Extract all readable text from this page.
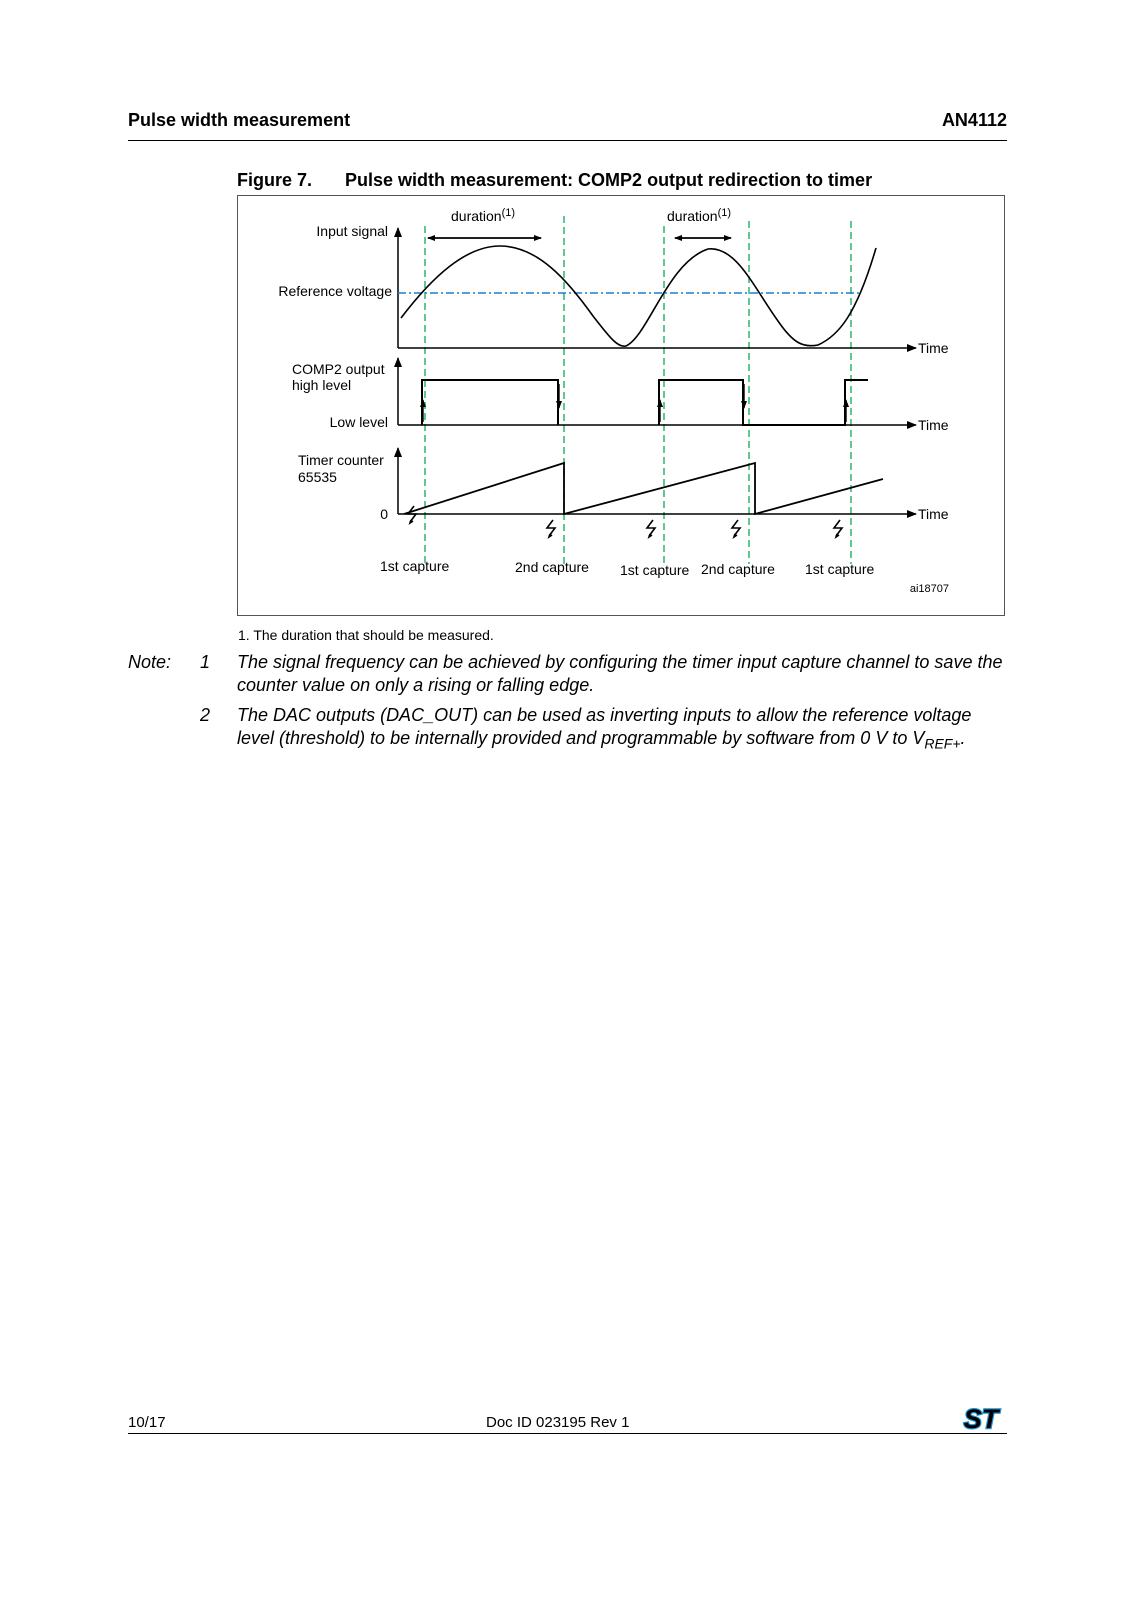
Pulse width measurement	AN4112
Figure 7. Pulse width measurement: COMP2 output redirection to timer
Input signal
Reference voltage
Time
duration$^{(1)}$	duration$^{(1)}$
COMP2 output
high level
Low level	Time
Timer counter
65535
0	Time
1st capture	2nd capture 1st capture 2nd capture 1st capture
ai18707
1. The duration that should be measured.
Note: 1 The signal frequency can be achieved by configuring the timer input capture channel to save the counter value on only a rising or falling edge.
2 The DAC outputs (DAC_OUT) can be used as inverting inputs to allow the reference voltage level (threshold) to be internally provided and programmable by software from 0 V to $V_{REF+}$.
10/17	Doc ID 023195 Rev 1	ST
